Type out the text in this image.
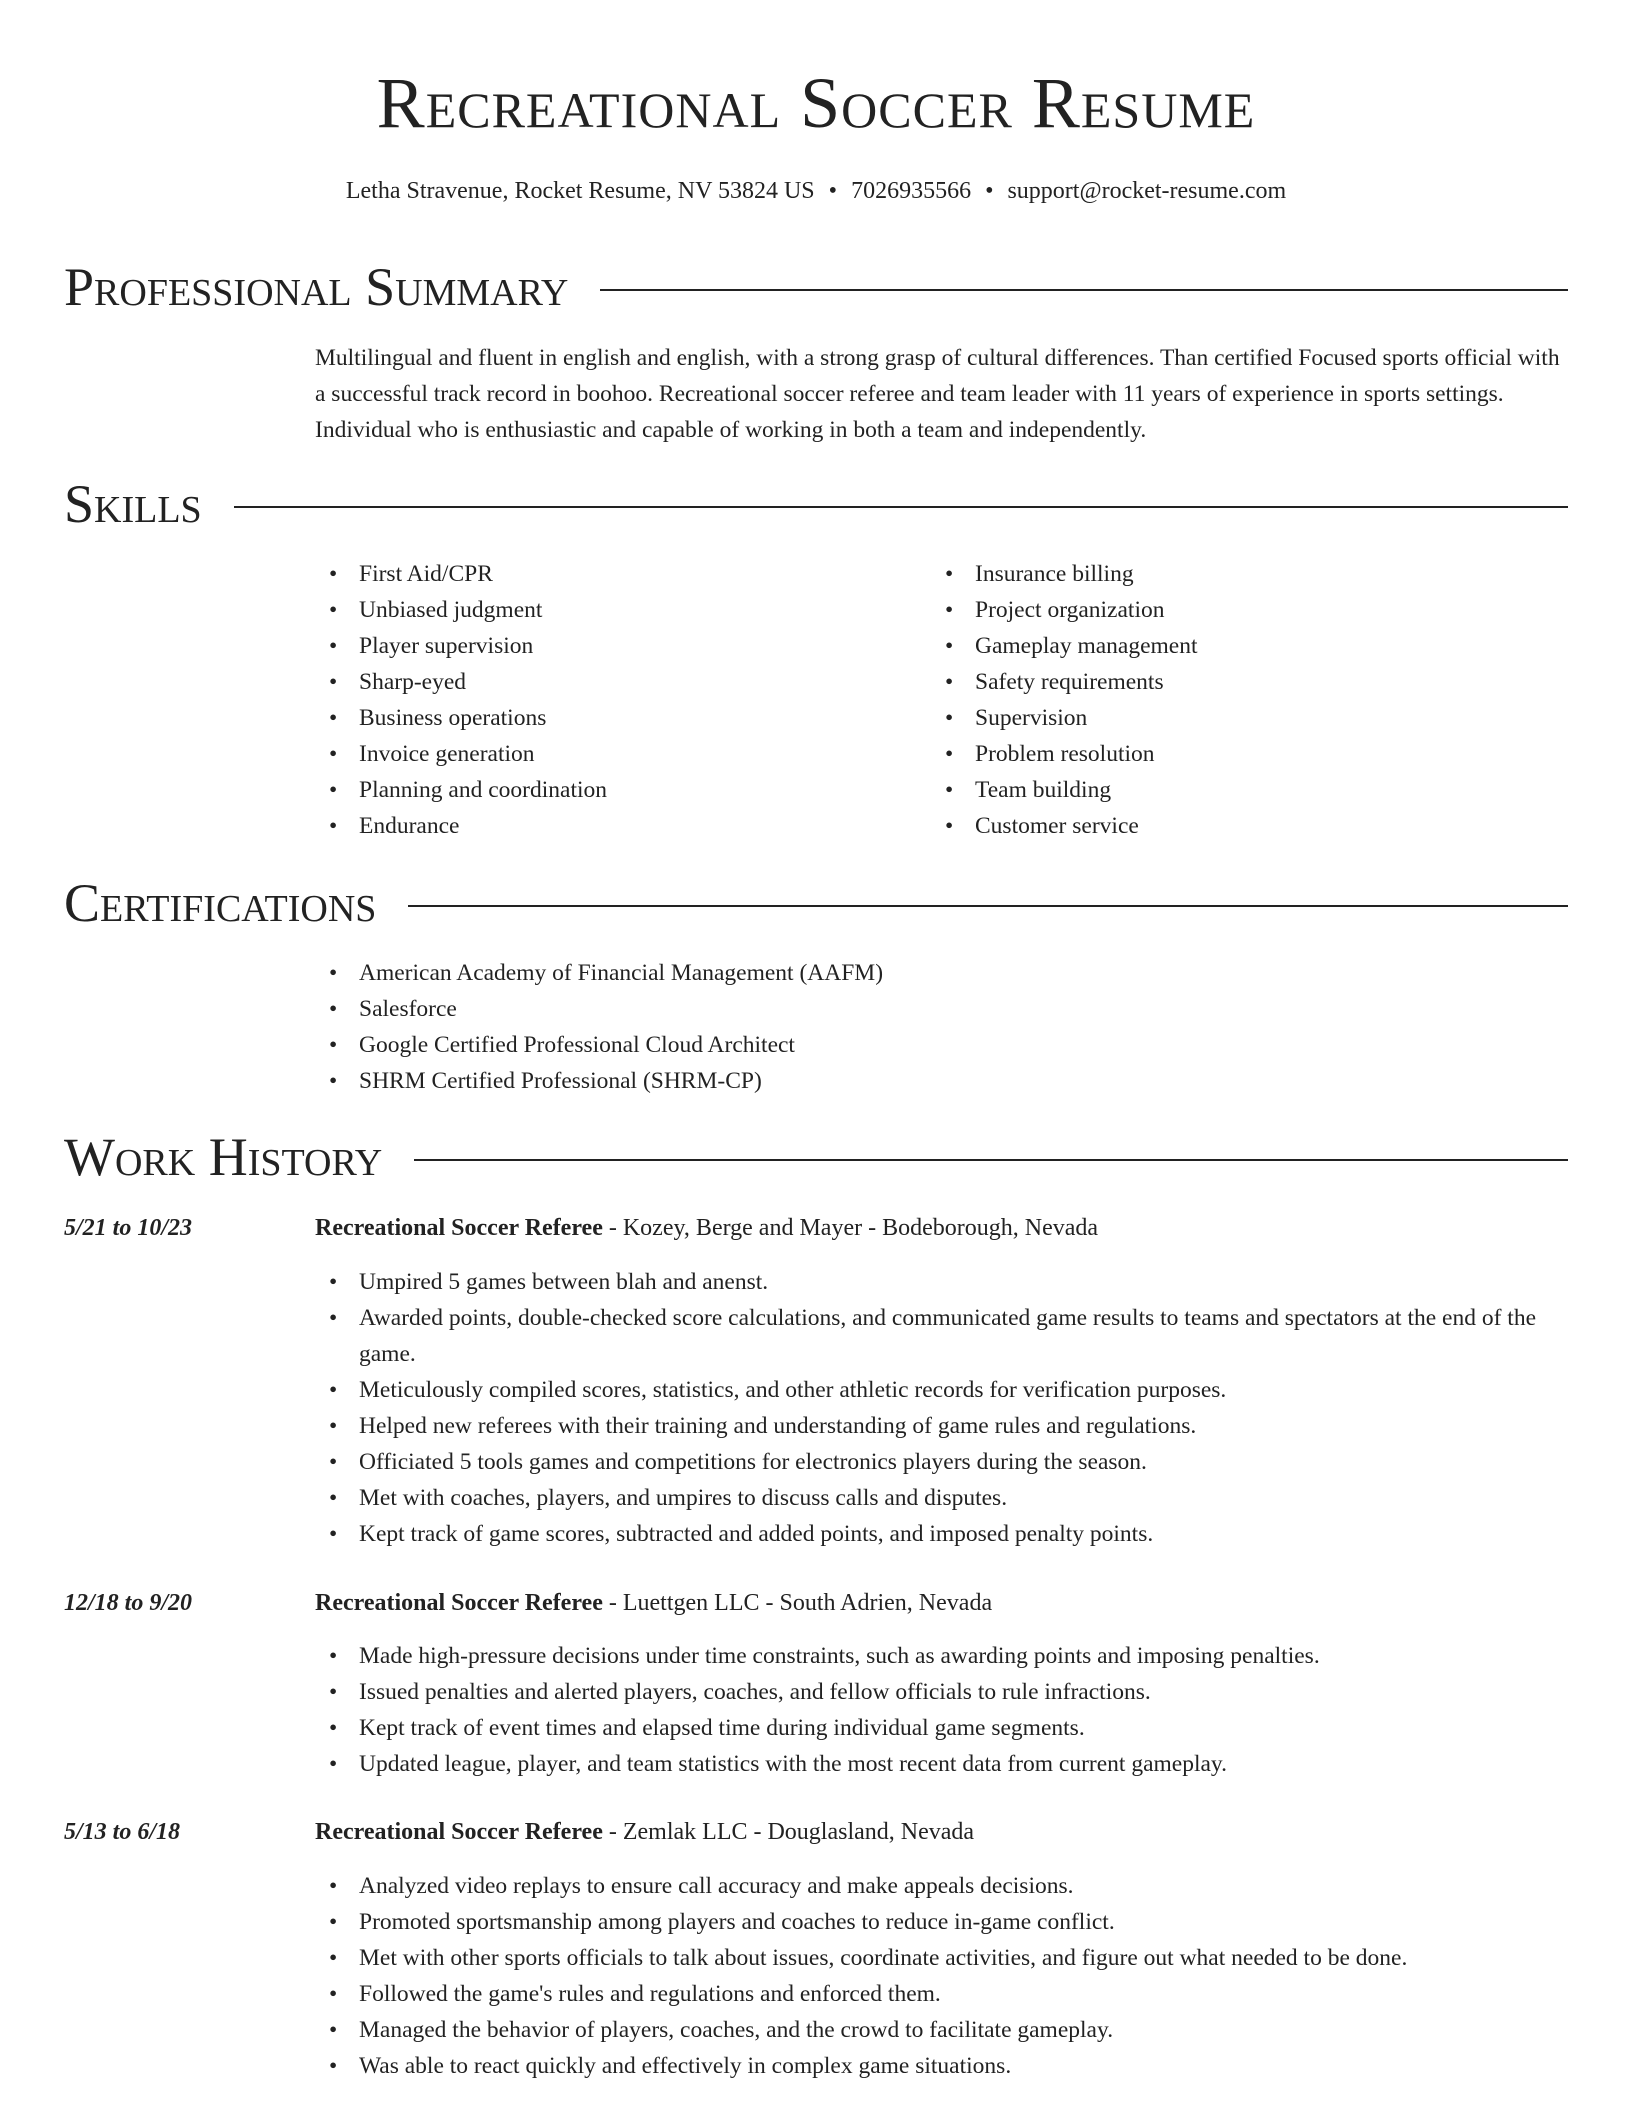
Recreational Soccer Resume
Letha Stravenue, Rocket Resume, NV 53824 US • 7026935566 • support@rocket-resume.com
Professional Summary
Multilingual and fluent in english and english, with a strong grasp of cultural differences. Than certified Focused sports official with a successful track record in boohoo. Recreational soccer referee and team leader with 11 years of experience in sports settings. Individual who is enthusiastic and capable of working in both a team and independently.
Skills
• First Aid/CPR
• Unbiased judgment
• Player supervision
• Sharp-eyed
• Business operations
• Invoice generation
• Planning and coordination
• Endurance
• Insurance billing
• Project organization
• Gameplay management
• Safety requirements
• Supervision
• Problem resolution
• Team building
• Customer service
Certifications
• American Academy of Financial Management (AAFM)
• Salesforce
• Google Certified Professional Cloud Architect
• SHRM Certified Professional (SHRM-CP)
Work History
5/21 to 10/23	Recreational Soccer Referee - Kozey, Berge and Mayer - Bodeborough, Nevada
• Umpired 5 games between blah and anenst.
• Awarded points, double-checked score calculations, and communicated game results to teams and spectators at the end of the game.
• Meticulously compiled scores, statistics, and other athletic records for verification purposes.
• Helped new referees with their training and understanding of game rules and regulations.
• Officiated 5 tools games and competitions for electronics players during the season.
• Met with coaches, players, and umpires to discuss calls and disputes.
• Kept track of game scores, subtracted and added points, and imposed penalty points.
12/18 to 9/20	Recreational Soccer Referee - Luettgen LLC - South Adrien, Nevada
• Made high-pressure decisions under time constraints, such as awarding points and imposing penalties.
• Issued penalties and alerted players, coaches, and fellow officials to rule infractions.
• Kept track of event times and elapsed time during individual game segments.
• Updated league, player, and team statistics with the most recent data from current gameplay.
5/13 to 6/18	Recreational Soccer Referee - Zemlak LLC - Douglasland, Nevada
• Analyzed video replays to ensure call accuracy and make appeals decisions.
• Promoted sportsmanship among players and coaches to reduce in-game conflict.
• Met with other sports officials to talk about issues, coordinate activities, and figure out what needed to be done.
• Followed the game's rules and regulations and enforced them.
• Managed the behavior of players, coaches, and the crowd to facilitate gameplay.
• Was able to react quickly and effectively in complex game situations.
